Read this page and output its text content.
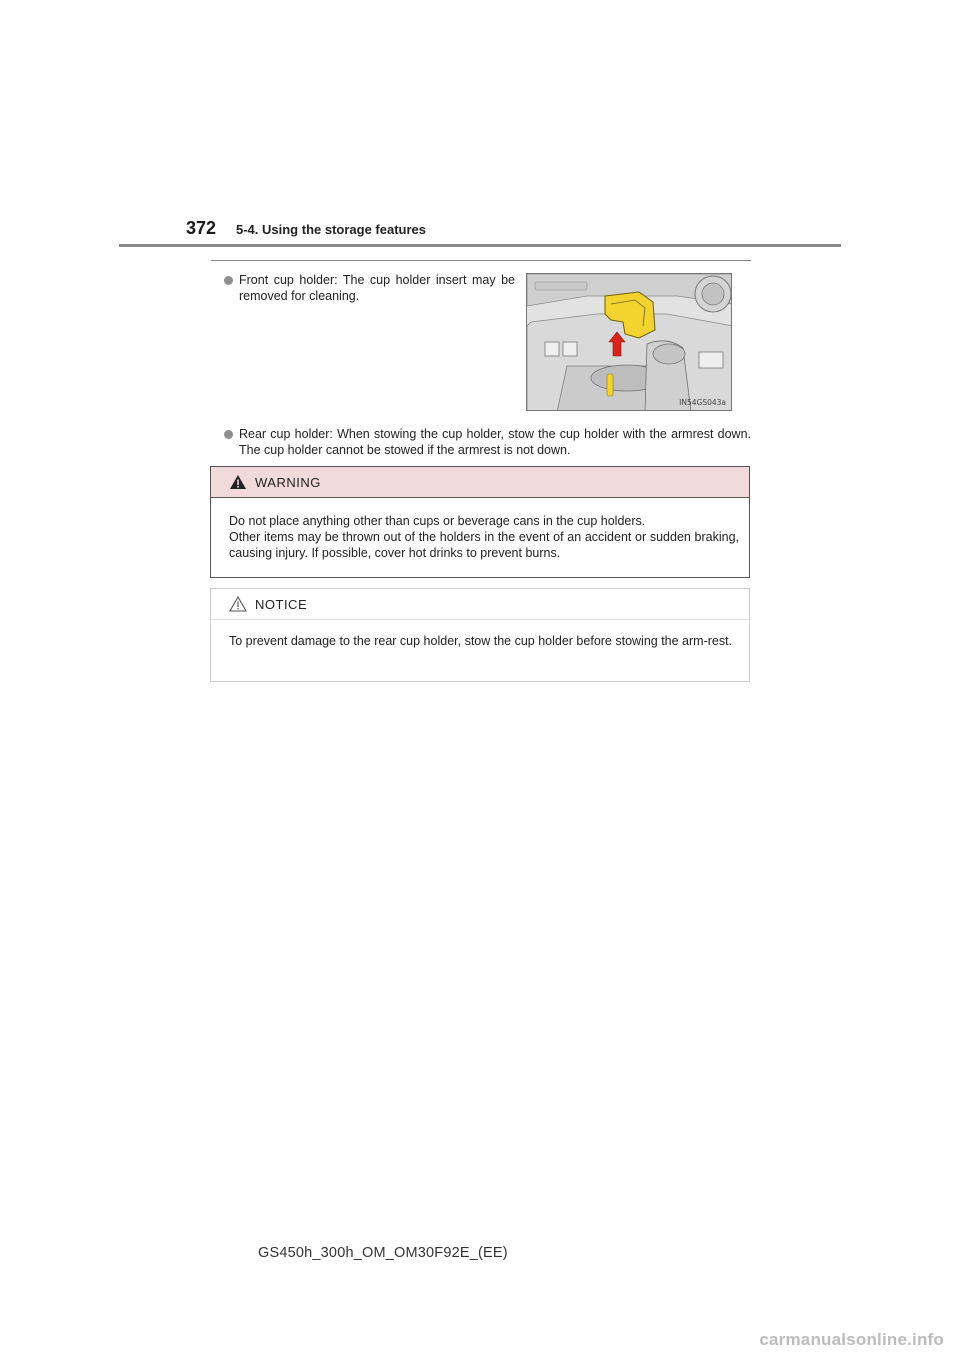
372 5-4. Using the storage features
Front cup holder: The cup holder insert may be removed for cleaning.
IN54GS043a
Rear cup holder: When stowing the cup holder, stow the cup holder with the armrest down. The cup holder cannot be stowed if the armrest is not down.
WARNING

Do not place anything other than cups or beverage cans in the cup holders.

Other items may be thrown out of the holders in the event of an accident or sudden braking, causing injury. If possible, cover hot drinks to prevent burns.

NOTICE

To prevent damage to the rear cup holder, stow the cup holder before stowing the arm-rest.

GS450h_300h_OM_OM30F92E_(EE)
carmanualsonline.info
